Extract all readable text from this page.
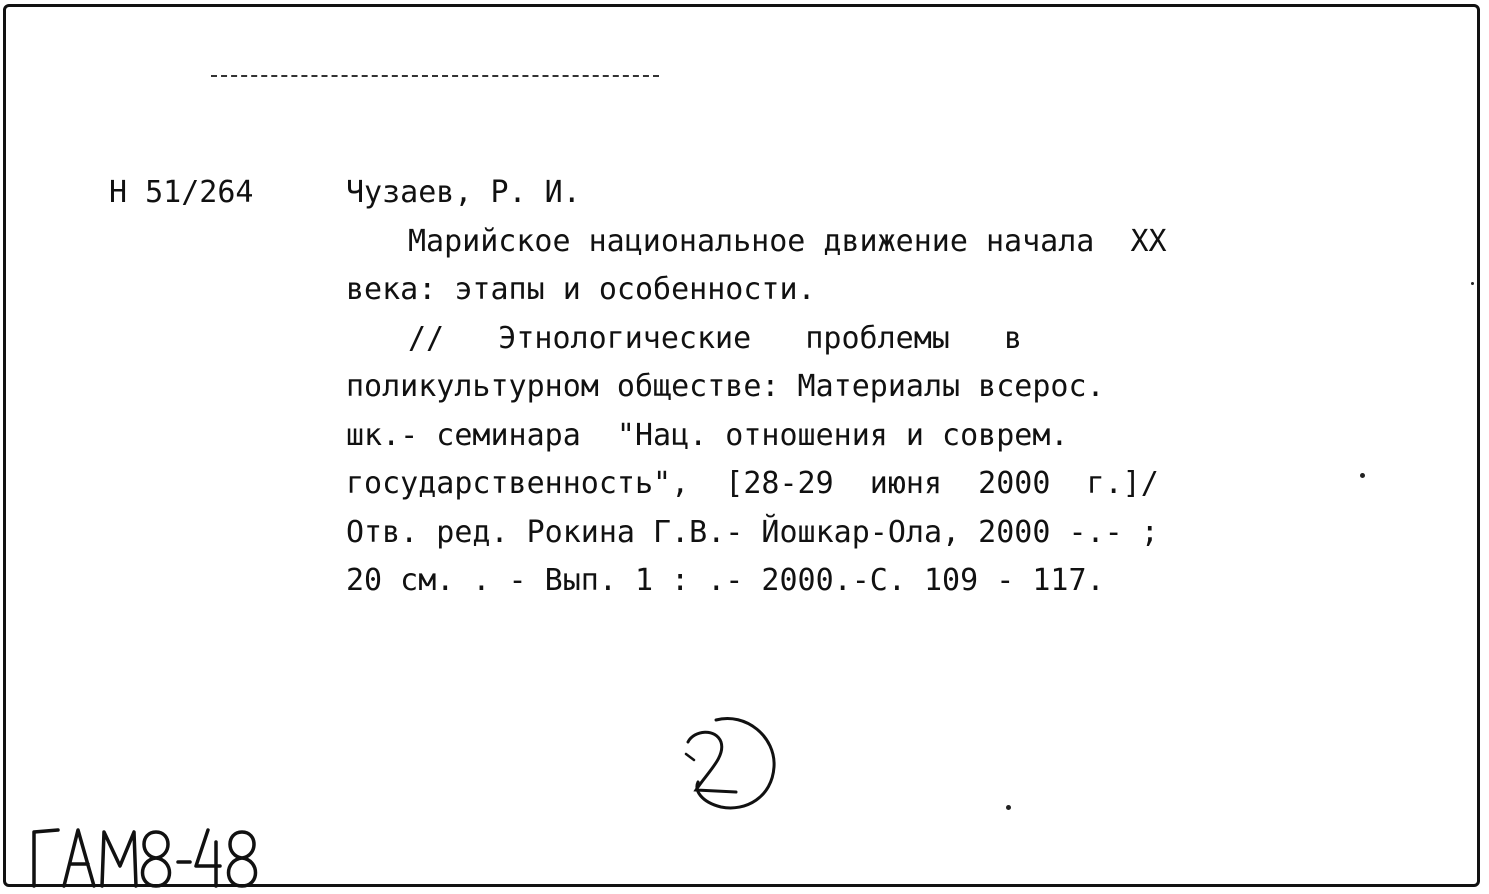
Н 51/264	Чузаев, Р. И.
Марийское национальное движение начала  XX
века: этапы и особенности.
//   Этнологические   проблемы   в
поликультурном обществе: Материалы всерос.
шк.- семинара  "Нац. отношения и соврем.
государственность",  [28-29  июня  2000  г.]/
Отв. ред. Рокина Г.В.- Йошкар-Ола, 2000 -.- ;
20 см. . - Вып. 1 : .- 2000.-С. 109 - 117.
